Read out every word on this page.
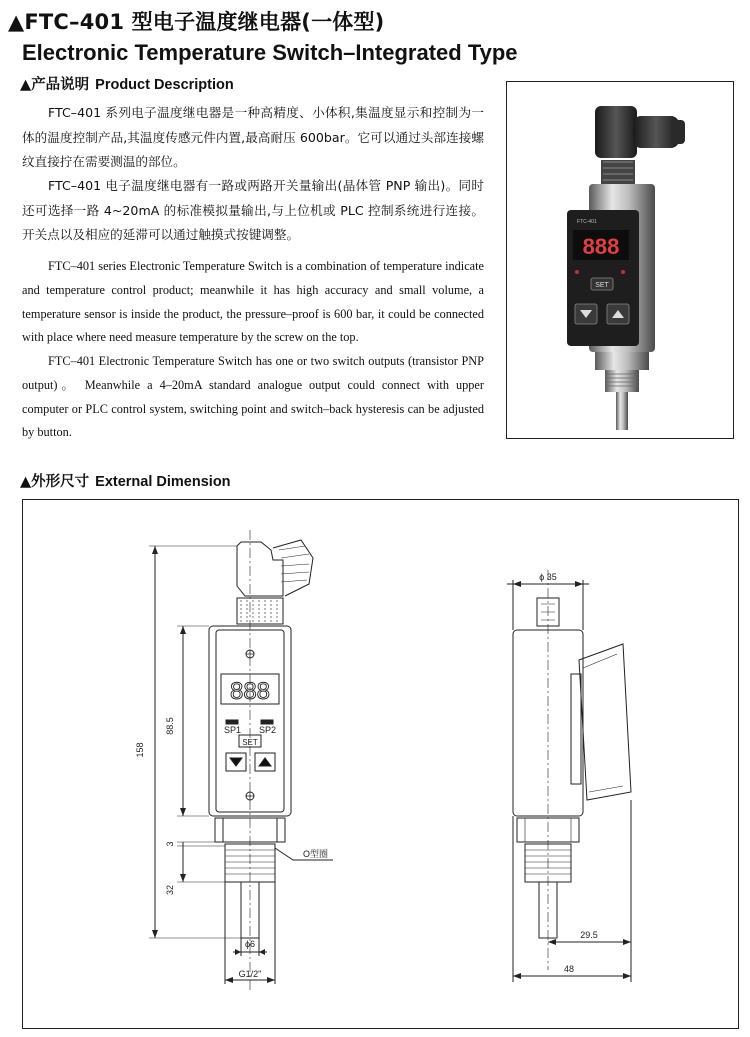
▲FTC–401 型电子温度继电器(一体型)
Electronic Temperature Switch–Integrated Type
▲产品说明 Product Description
FTC–401 系列电子温度继电器是一种高精度、小体积,集温度显示和控制为一体的温度控制产品,其温度传感元件内置,最高耐压 600bar。它可以通过头部连接螺纹直接拧在需要测温的部位。
FTC–401 电子温度继电器有一路或两路开关量输出(晶体管 PNP 输出)。同时还可选择一路 4~20mA 的标准模拟量输出,与上位机或 PLC 控制系统进行连接。开关点以及相应的延滞可以通过触摸式按键调整。
FTC–401 series Electronic Temperature Switch is a combination of temperature indicate and temperature control product; meanwhile it has high accuracy and small volume, a temperature sensor is inside the product, the pressure–proof is 600 bar, it could be connected with place where need measure temperature by the screw on the top.
FTC–401 Electronic Temperature Switch has one or two switch outputs (transistor PNP output)。 Meanwhile a 4–20mA standard analogue output could connect with upper computer or PLC control system, switching point and switch–back hysteresis can be adjusted by button.
FTC-401
888
SET
▲外形尺寸 External Dimension
888
SP1 SP2
SET
158
88.5
3
32
O型圈
ϕ6
G1/2"
ϕ 35
29.5
48
